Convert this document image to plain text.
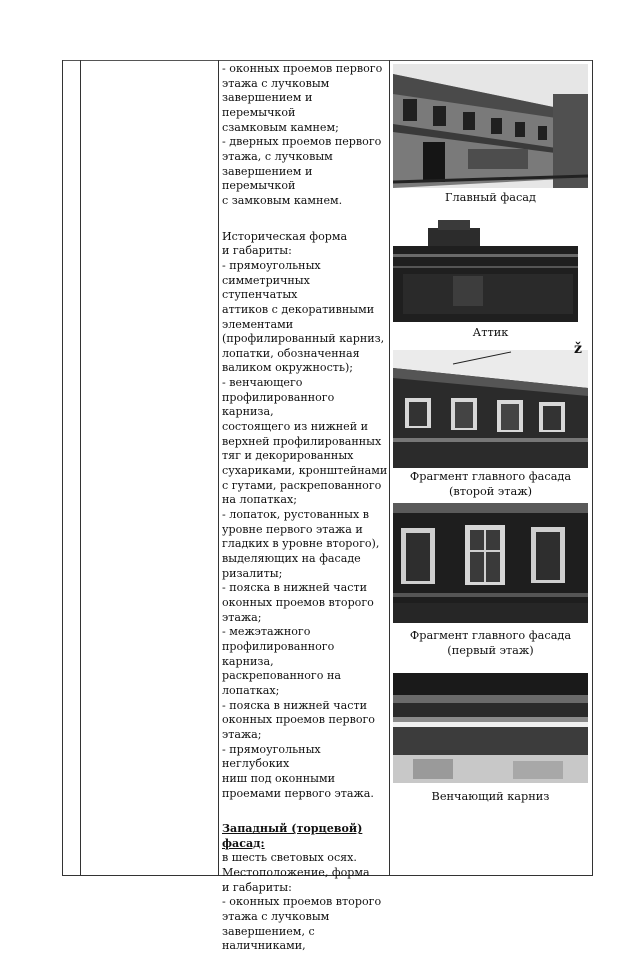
- оконных проемов первого
этажа с лучковым
завершением и перемычкой
сзамковым камнем;
- дверных проемов первого
этажа, с лучковым
завершением и перемычкой
с замковым камнем.

Историческая форма
и габариты:
- прямоугольных
симметричных ступенчатых
аттиков с декоративными
элементами
(профилированный карниз,
лопатки, обозначенная
валиком окружность);
- венчающего
профилированного карниза,
состоящего из нижней и
верхней профилированных
тяг и декорированных
сухариками, кронштейнами
с гутами, раскрепованного
на лопатках;
- лопаток, рустованных в
уровне первого этажа и
гладких в уровне второго),
выделяющих на фасаде
ризалиты;
- пояска в нижней части
оконных проемов второго
этажа;
- межэтажного
профилированного карниза,
раскрепованного на
лопатках;
- пояска в нижней части
оконных проемов первого
этажа;
- прямоугольных неглубоких
ниш под оконными
проемами первого этажа.

Западный (торцевой) фасад:

в шесть световых осях.
Местоположение, форма
и габариты:
- оконных проемов второго
этажа с лучковым
завершением, с
наличниками,

Главный фасад
Аттик
Фрагмент главного фасада
(второй этаж)
ž
Фрагмент главного фасада
(первый этаж)
Венчающий карниз
